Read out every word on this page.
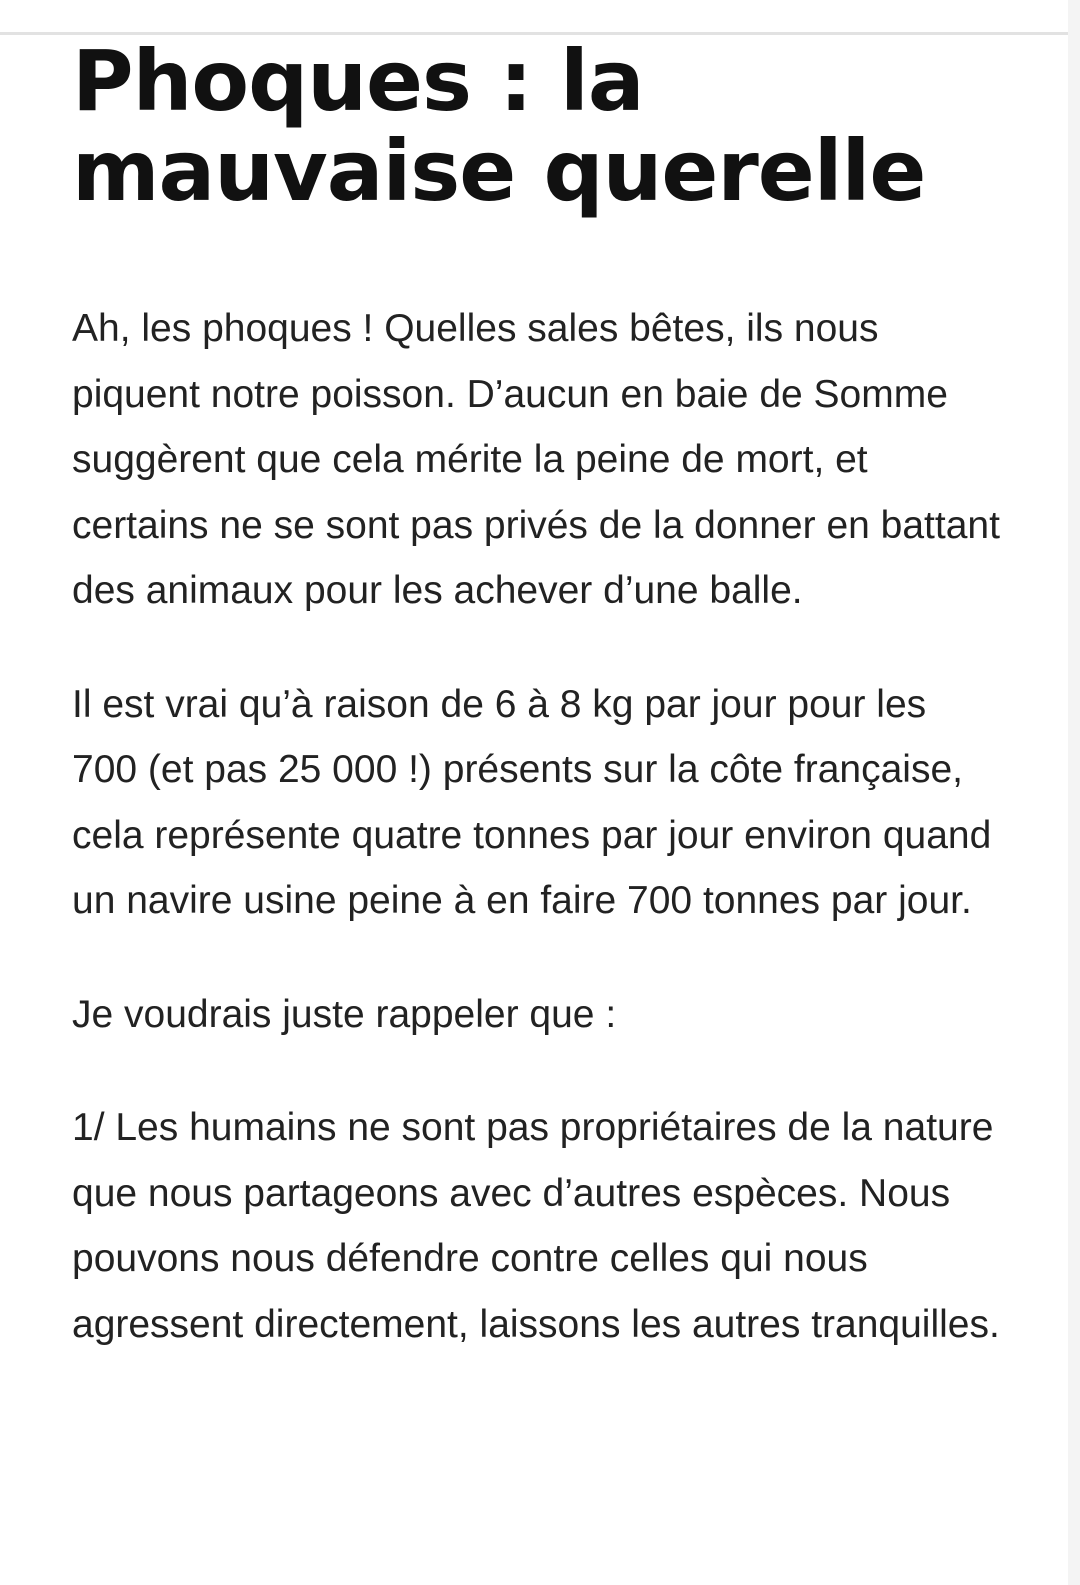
Phoques : la
mauvaise querelle

Ah, les phoques ! Quelles sales bêtes, ils nous piquent notre poisson. D’aucun en baie de Somme suggèrent que cela mérite la peine de mort, et certains ne se sont pas privés de la donner en battant des animaux pour les achever d’une balle.

Il est vrai qu’à raison de 6 à 8 kg par jour pour les 700 (et pas 25 000 !) présents sur la côte française, cela représente quatre tonnes par jour environ quand un navire usine peine à en faire 700 tonnes par jour.

Je voudrais juste rappeler que :

1/ Les humains ne sont pas propriétaires de la nature que nous partageons avec d’autres espèces. Nous pouvons nous défendre contre celles qui nous agressent directement, laissons les autres tranquilles.
